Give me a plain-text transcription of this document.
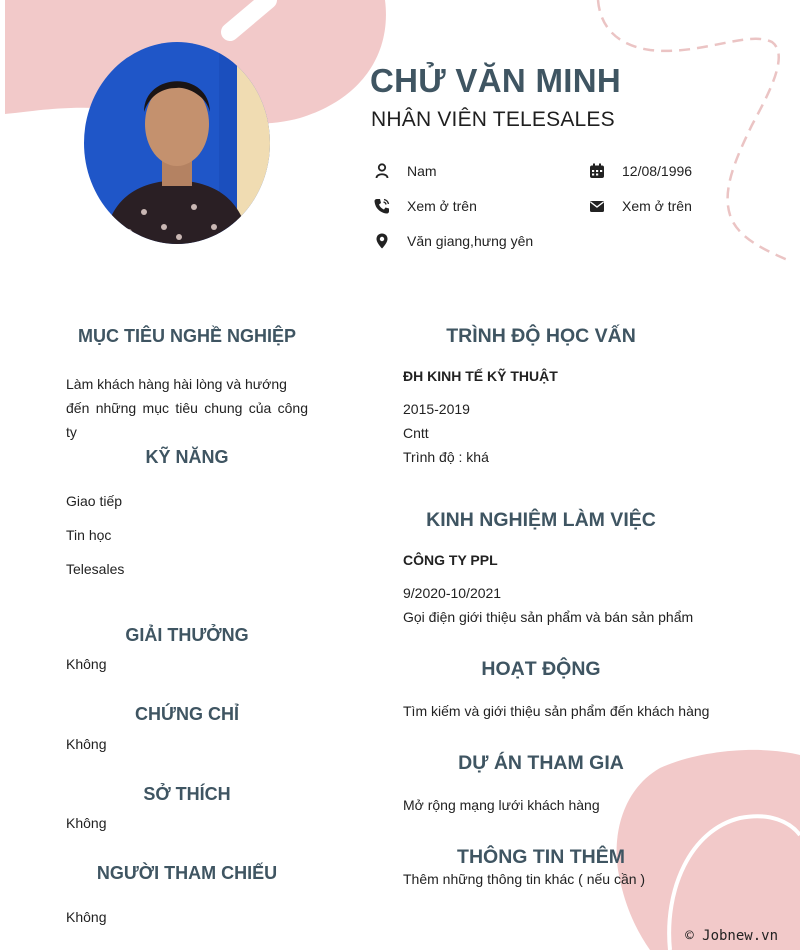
CHỬ VĂN MINH
NHÂN VIÊN TELESALES
Nam	12/08/1996
Xem ở trên	Xem ở trên
Văn giang,hưng yên
MỤC TIÊU NGHỀ NGHIỆP
Làm khách hàng hài lòng và hướng
đến những mục tiêu chung của công ty
KỸ NĂNG
Giao tiếp
Tin học
Telesales
GIẢI THƯỞNG
Không
CHỨNG CHỈ
Không
SỞ THÍCH
Không
NGƯỜI THAM CHIẾU
Không
TRÌNH ĐỘ HỌC VẤN
ĐH KINH TẾ KỸ THUẬT
2015-2019
Cntt
Trình độ : khá
KINH NGHIỆM LÀM VIỆC
CÔNG TY PPL
9/2020-10/2021
Gọi điện giới thiệu sản phẩm và bán sản phẩm
HOẠT ĐỘNG
Tìm kiếm và giới thiệu sản phẩm đến khách hàng
DỰ ÁN THAM GIA
Mở rộng mạng lưới khách hàng
THÔNG TIN THÊM
Thêm những thông tin khác ( nếu cần )
© Jobnew.vn
